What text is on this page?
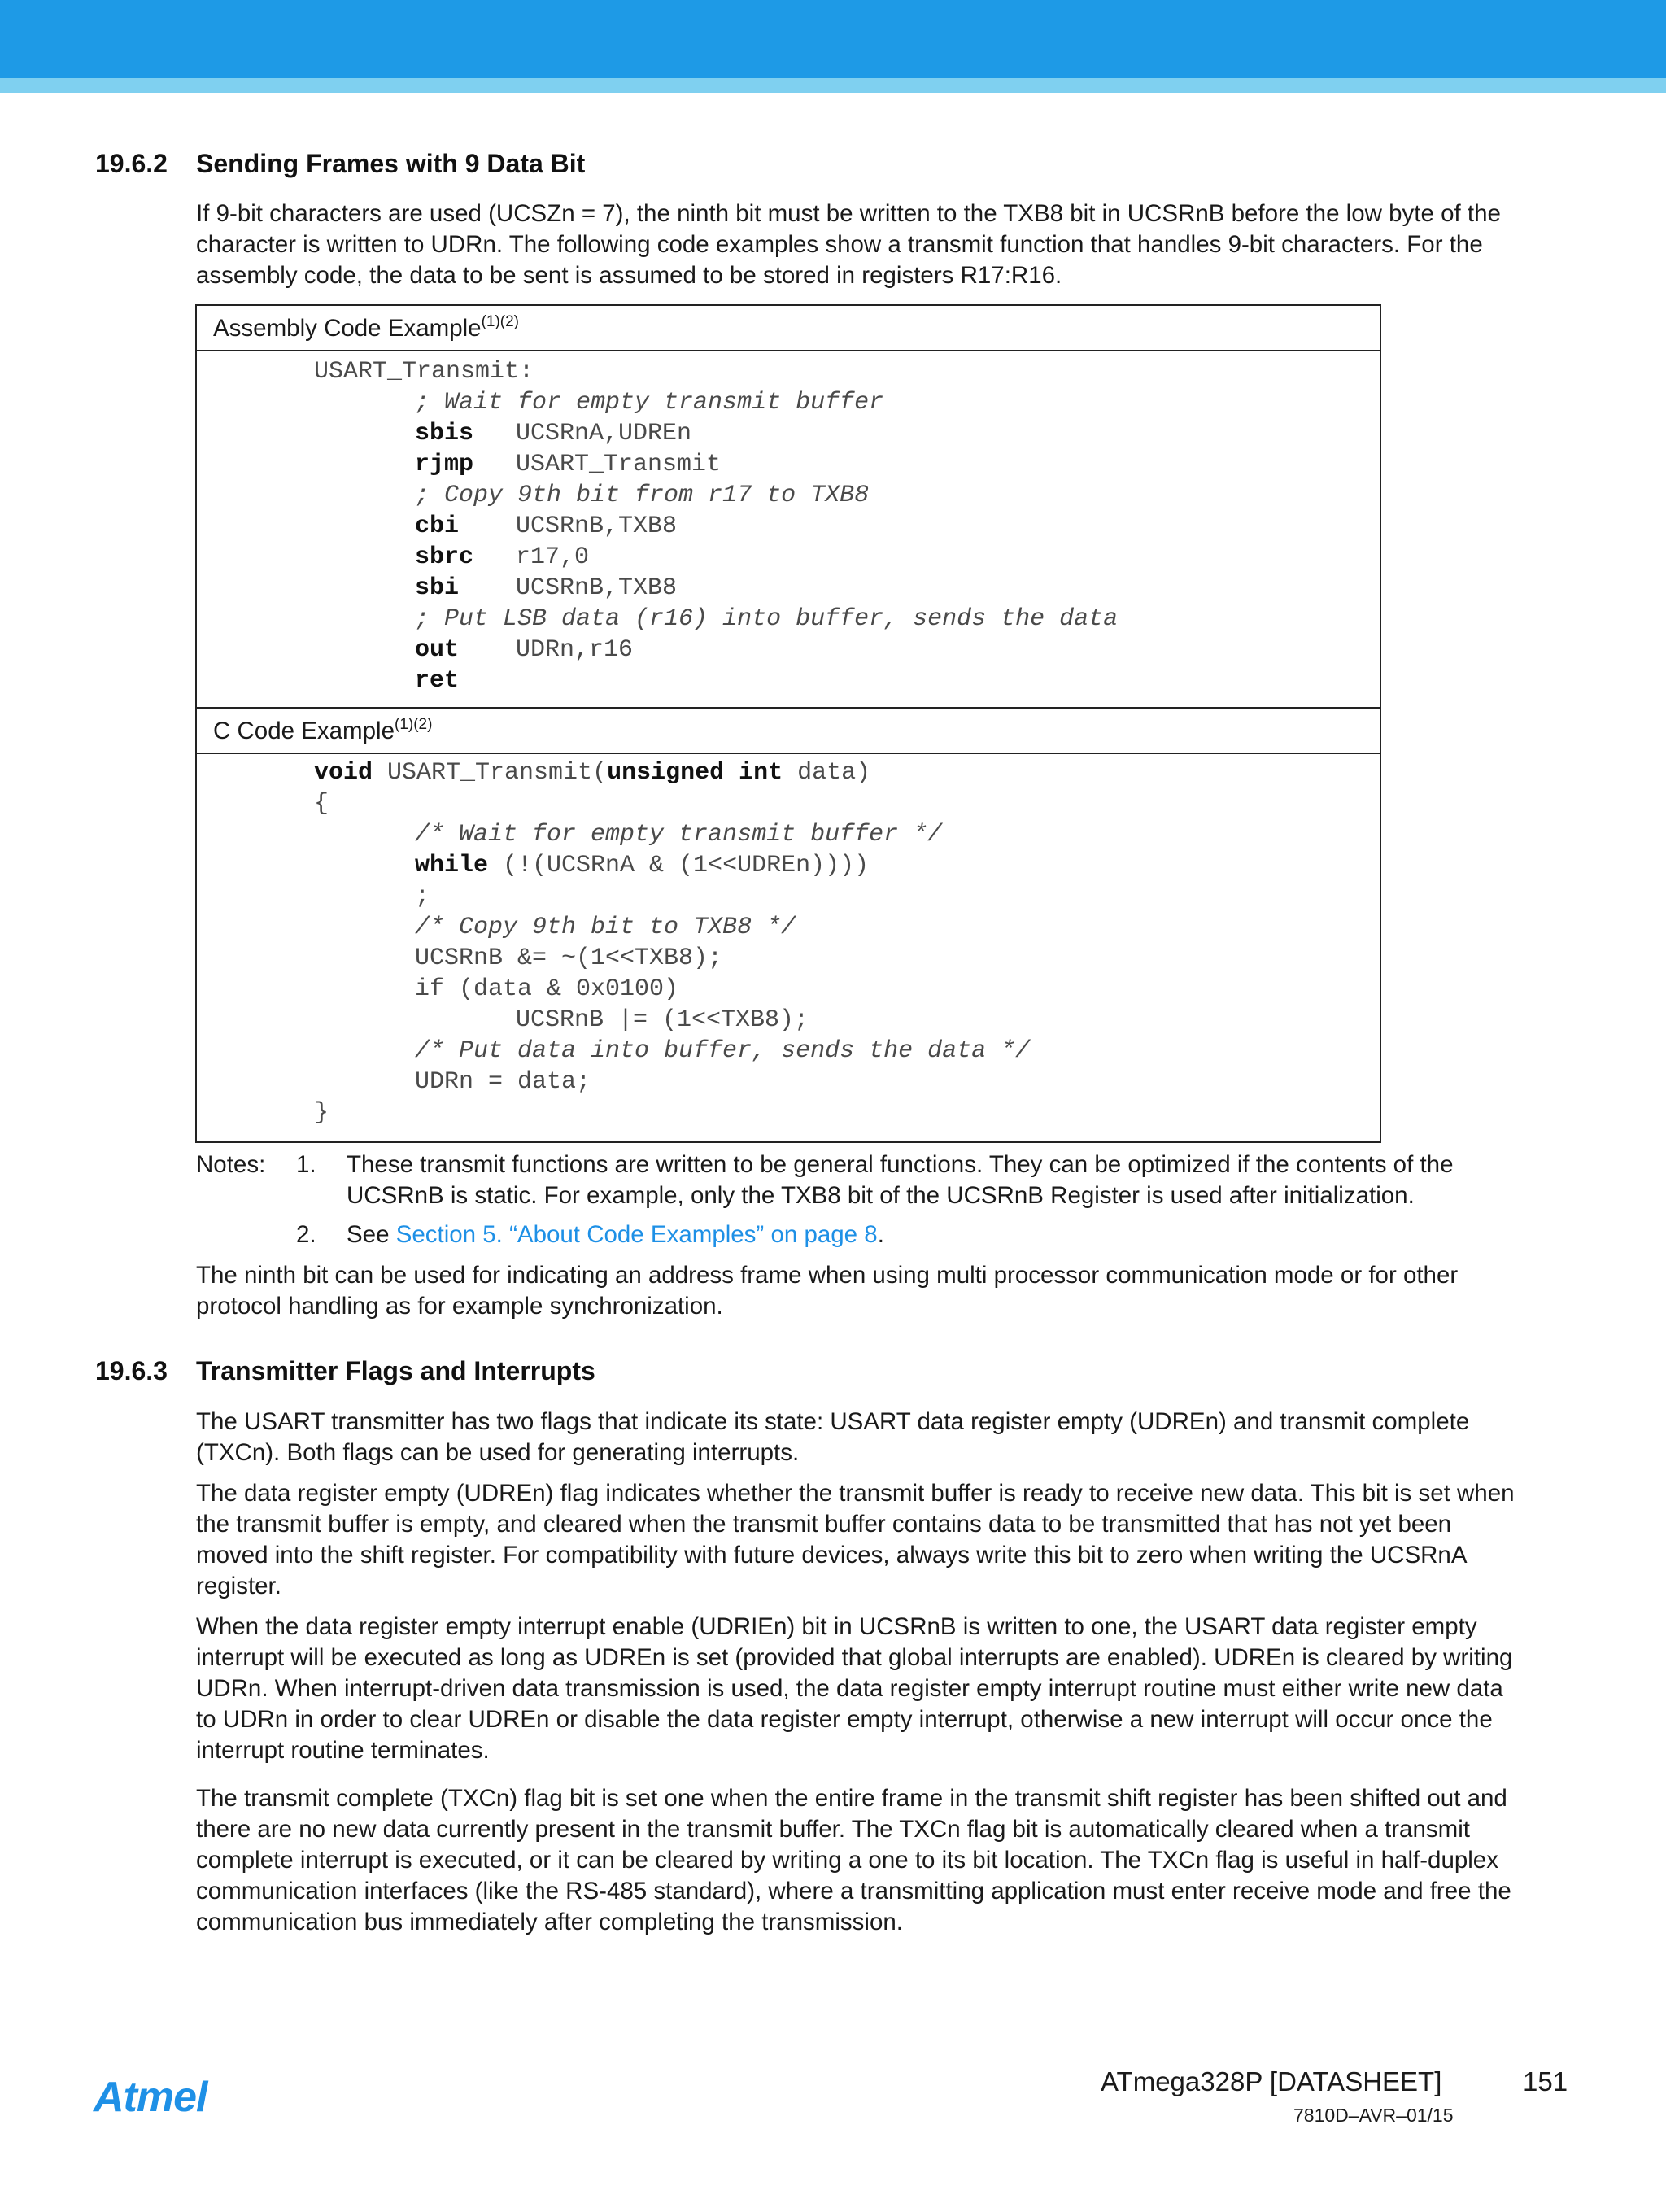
19.6.2 Sending Frames with 9 Data Bit

If 9-bit characters are used (UCSZn = 7), the ninth bit must be written to the TXB8 bit in UCSRnB before the low byte of the
character is written to UDRn. The following code examples show a transmit function that handles 9-bit characters. For the
assembly code, the data to be sent is assumed to be stored in registers R17:R16.

Assembly Code Example$^{(1)(2)}$
USART_Transmit:
; Wait for empty transmit buffer
sbis UCSRnA,UDREn
rjmp USART_Transmit
; Copy 9th bit from r17 to TXB8
cbi UCSRnB,TXB8
sbrc r17,0
sbi UCSRnB,TXB8
; Put LSB data (r16) into buffer, sends the data
out UDRn,r16
ret
C Code Example$^{(1)(2)}$
void USART_Transmit(unsigned int data)
{
/* Wait for empty transmit buffer */
while (!(UCSRnA & (1<<UDREn))))
;
/* Copy 9th bit to TXB8 */
UCSRnB &= ~(1<<TXB8);
if (data & 0x0100)
UCSRnB |= (1<<TXB8);
/* Put data into buffer, sends the data */
UDRn = data;
}
Notes: 1. These transmit functions are written to be general functions. They can be optimized if the contents of the
UCSRnB is static. For example, only the TXB8 bit of the UCSRnB Register is used after initialization.
2. See Section 5. “About Code Examples” on page 8.

The ninth bit can be used for indicating an address frame when using multi processor communication mode or for other
protocol handling as for example synchronization.

19.6.3 Transmitter Flags and Interrupts

The USART transmitter has two flags that indicate its state: USART data register empty (UDREn) and transmit complete
(TXCn). Both flags can be used for generating interrupts.

The data register empty (UDREn) flag indicates whether the transmit buffer is ready to receive new data. This bit is set when
the transmit buffer is empty, and cleared when the transmit buffer contains data to be transmitted that has not yet been
moved into the shift register. For compatibility with future devices, always write this bit to zero when writing the UCSRnA
register.

When the data register empty interrupt enable (UDRIEn) bit in UCSRnB is written to one, the USART data register empty
interrupt will be executed as long as UDREn is set (provided that global interrupts are enabled). UDREn is cleared by writing
UDRn. When interrupt-driven data transmission is used, the data register empty interrupt routine must either write new data
to UDRn in order to clear UDREn or disable the data register empty interrupt, otherwise a new interrupt will occur once the
interrupt routine terminates.

The transmit complete (TXCn) flag bit is set one when the entire frame in the transmit shift register has been shifted out and
there are no new data currently present in the transmit buffer. The TXCn flag bit is automatically cleared when a transmit
complete interrupt is executed, or it can be cleared by writing a one to its bit location. The TXCn flag is useful in half-duplex
communication interfaces (like the RS-485 standard), where a transmitting application must enter receive mode and free the
communication bus immediately after completing the transmission.

Atmel	ATmega328P [DATASHEET]	151
7810D–AVR–01/15
